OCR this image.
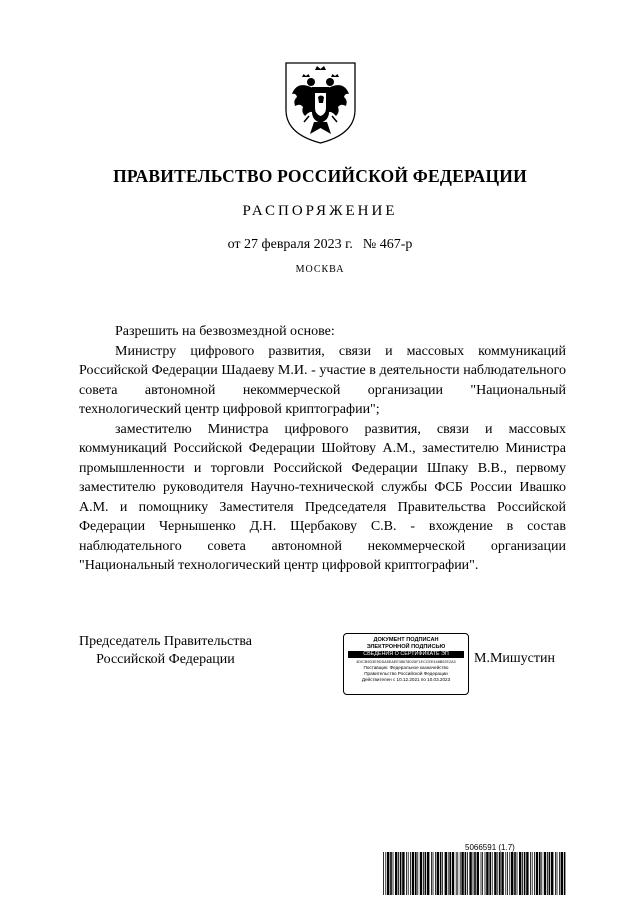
ПРАВИТЕЛЬСТВО РОССИЙСКОЙ ФЕДЕРАЦИИ
РАСПОРЯЖЕНИЕ
от 27 февраля 2023 г. № 467-р
МОСКВА

Разрешить на безвозмездной основе:

Министру цифрового развития, связи и массовых коммуникаций Российской Федерации Шадаеву М.И. - участие в деятельности наблюдательного совета автономной некоммерческой организации "Национальный технологический центр цифровой криптографии";

заместителю Министра цифрового развития, связи и массовых коммуникаций Российской Федерации Шойтову А.М., заместителю Министра промышленности и торговли Российской Федерации Шпаку В.В., первому заместителю руководителя Научно-технической службы ФСБ России Ивашко А.М. и помощнику Заместителя Председателя Правительства Российской Федерации Чернышенко Д.Н. Щербакову С.В. - вхождение в состав наблюдательного совета автономной некоммерческой организации "Национальный технологический центр цифровой криптографии".

Председатель Правительства
Российской Федерации
ДОКУМЕНТ ПОДПИСАН
ЭЛЕКТРОННОЙ ПОДПИСЬЮ
СВЕДЕНИЯ О СЕРТИФИКАТЕ ЭП
4DICB9D3E9DDA5EAEE38678D26F1ECCEE448B02E2A3
Поставщик: Федеральное казначейство
Правительство Российской Федерации
Действителен с 10.12.2021 по 10.03.2023
М.Мишустин
5066591 (1.7)
